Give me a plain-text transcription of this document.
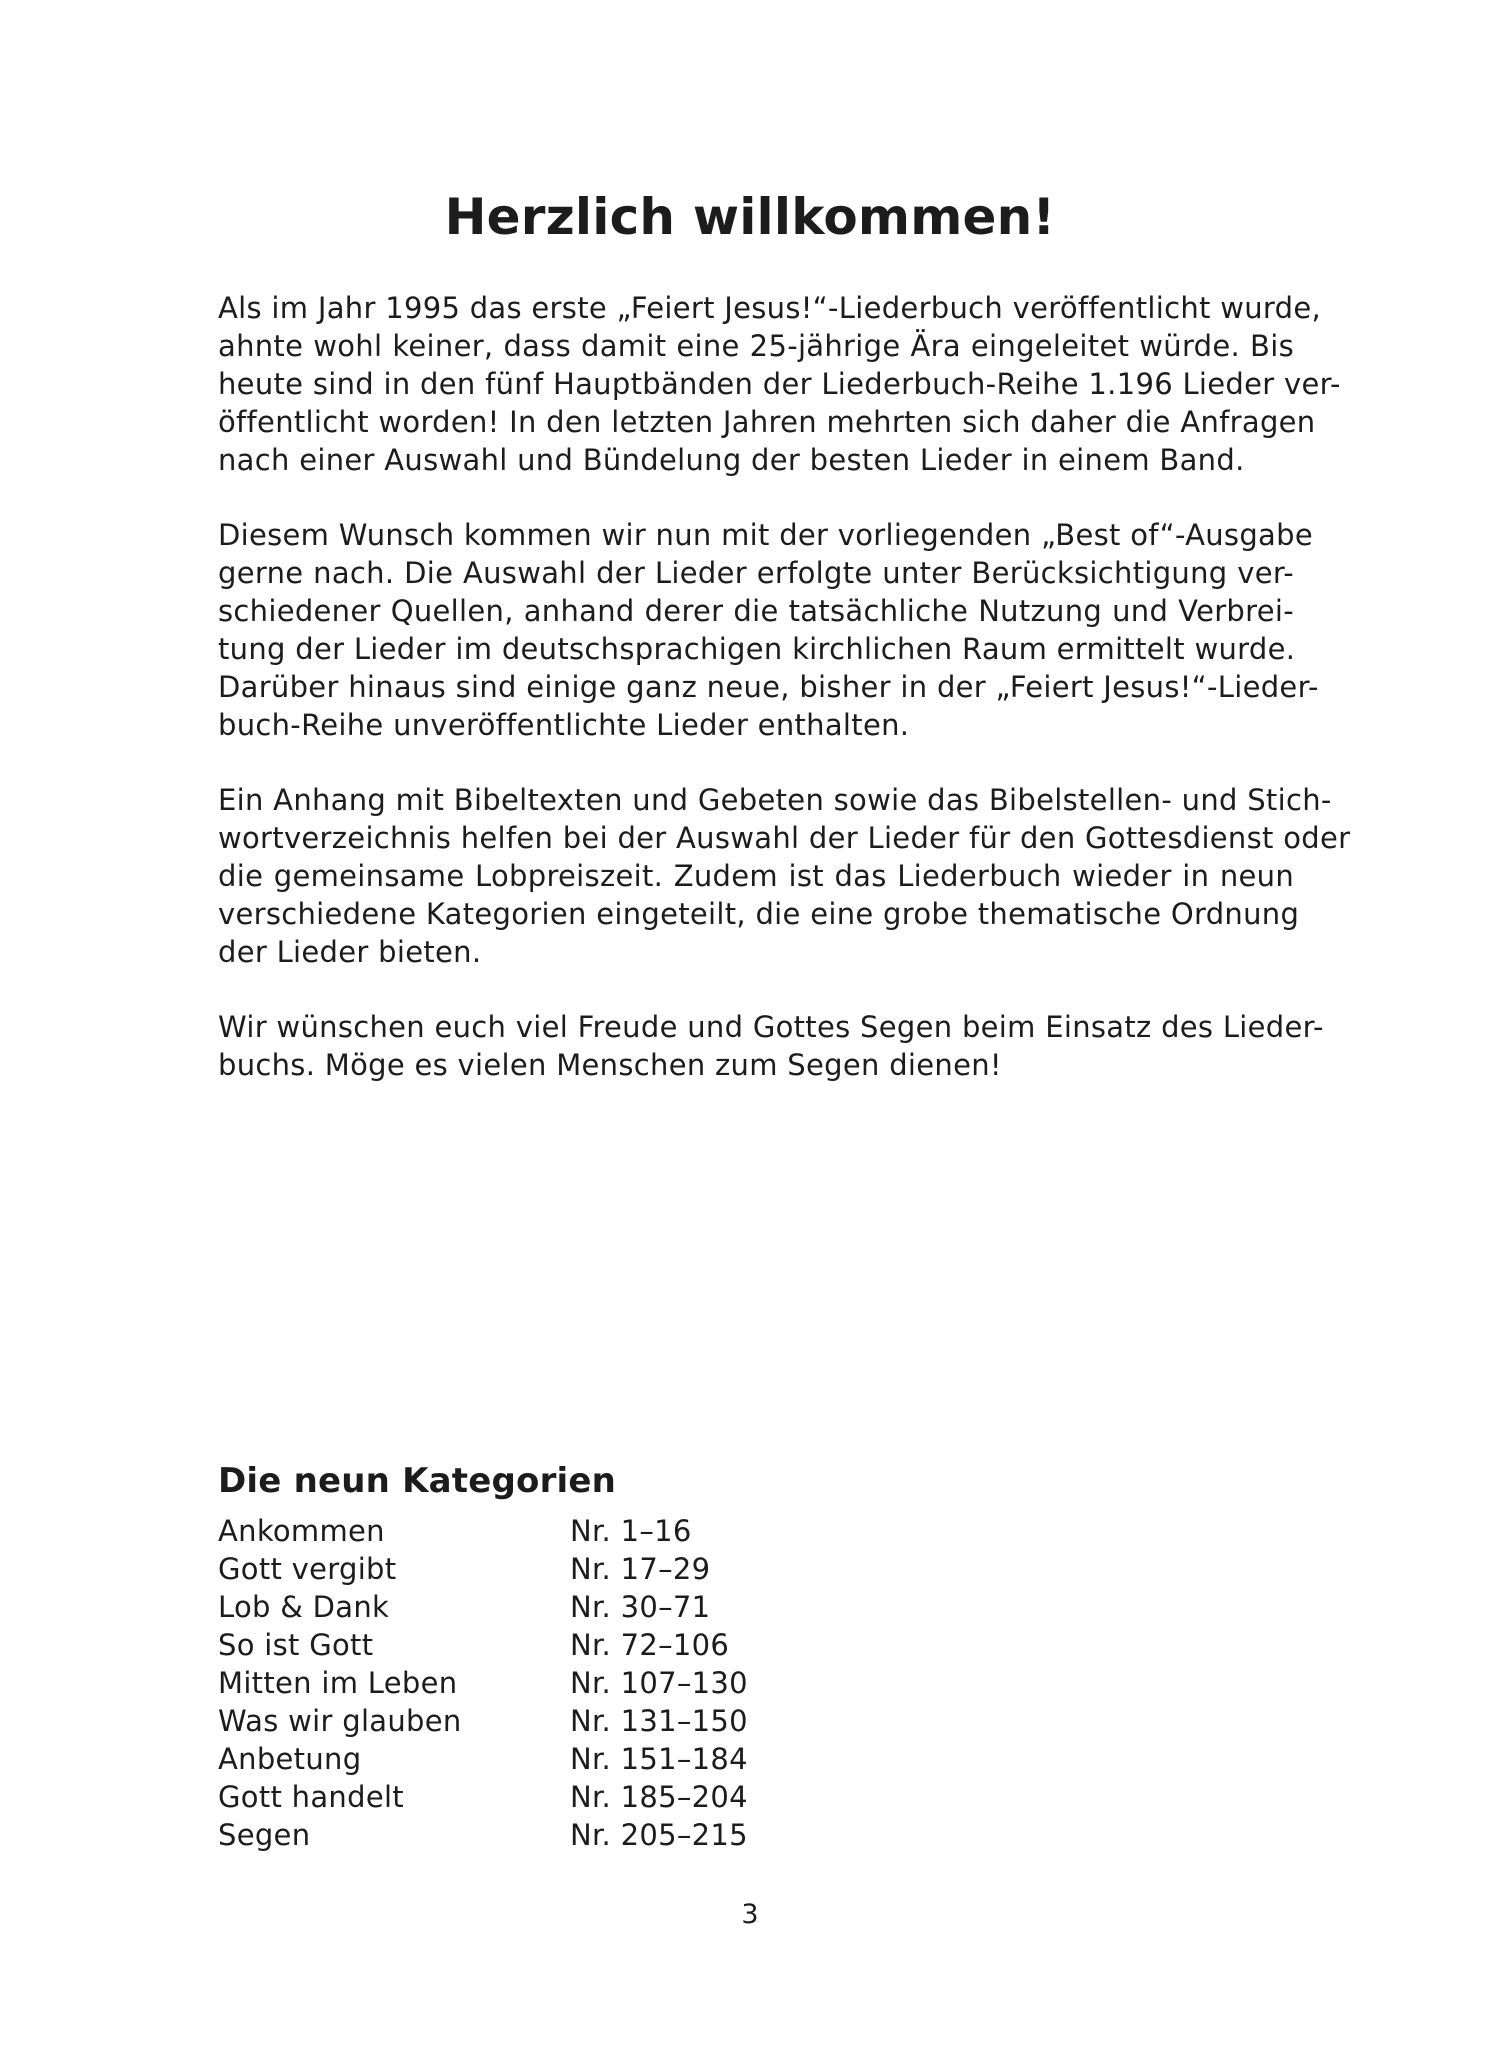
Herzlich willkommen!

Als im Jahr 1995 das erste „Feiert Jesus!“-Liederbuch veröffentlicht wurde,
ahnte wohl keiner, dass damit eine 25-jährige Ära eingeleitet würde. Bis
heute sind in den fünf Hauptbänden der Liederbuch-Reihe 1.196 Lieder ver-
öffentlicht worden! In den letzten Jahren mehrten sich daher die Anfragen
nach einer Auswahl und Bündelung der besten Lieder in einem Band.

Diesem Wunsch kommen wir nun mit der vorliegenden „Best of“-Ausgabe
gerne nach. Die Auswahl der Lieder erfolgte unter Berücksichtigung ver-
schiedener Quellen, anhand derer die tatsächliche Nutzung und Verbrei-
tung der Lieder im deutschsprachigen kirchlichen Raum ermittelt wurde.
Darüber hinaus sind einige ganz neue, bisher in der „Feiert Jesus!“-Lieder-
buch-Reihe unveröffentlichte Lieder enthalten.

Ein Anhang mit Bibeltexten und Gebeten sowie das Bibelstellen- und Stich-
wortverzeichnis helfen bei der Auswahl der Lieder für den Gottesdienst oder
die gemeinsame Lobpreiszeit. Zudem ist das Liederbuch wieder in neun
verschiedene Kategorien eingeteilt, die eine grobe thematische Ordnung
der Lieder bieten.

Wir wünschen euch viel Freude und Gottes Segen beim Einsatz des Lieder-
buchs. Möge es vielen Menschen zum Segen dienen!

Die neun Kategorien
Ankommen	Nr. 1–16
Gott vergibt	Nr. 17–29
Lob & Dank	Nr. 30–71
So ist Gott	Nr. 72–106
Mitten im Leben	Nr. 107–130
Was wir glauben	Nr. 131–150
Anbetung	Nr. 151–184
Gott handelt	Nr. 185–204
Segen	Nr. 205–215
3
